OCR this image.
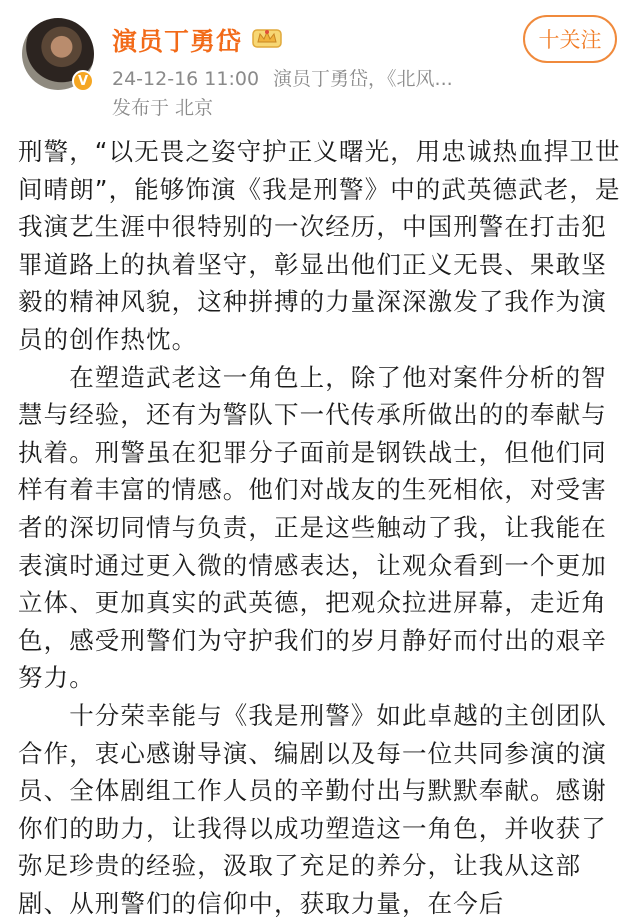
V
演员丁勇岱
24-12-16 11:00 演员丁勇岱，《北风...
发布于 北京
十关注

刑警，“以无畏之姿守护正义曙光，用忠诚热血捍卫世间晴朗”，能够饰演《我是刑警》中的武英德武老，是我演艺生涯中很特别的一次经历，中国刑警在打击犯罪道路上的执着坚守，彰显出他们正义无畏、果敢坚毅的精神风貌，这种拼搏的力量深深激发了我作为演员的创作热忱。

　　在塑造武老这一角色上，除了他对案件分析的智慧与经验，还有为警队下一代传承所做出的的奉献与执着。刑警虽在犯罪分子面前是钢铁战士，但他们同样有着丰富的情感。他们对战友的生死相依，对受害者的深切同情与负责，正是这些触动了我，让我能在表演时通过更入微的情感表达，让观众看到一个更加立体、更加真实的武英德，把观众拉进屏幕，走近角色，感受刑警们为守护我们的岁月静好而付出的艰辛努力。

　　十分荣幸能与《我是刑警》如此卓越的主创团队合作，衷心感谢导演、编剧以及每一位共同参演的演员、全体剧组工作人员的辛勤付出与默默奉献。感谢你们的助力，让我得以成功塑造这一角色，并收获了弥足珍贵的经验，汲取了充足的养分，让我从这部剧、从刑警们的信仰中，获取力量，在今后
